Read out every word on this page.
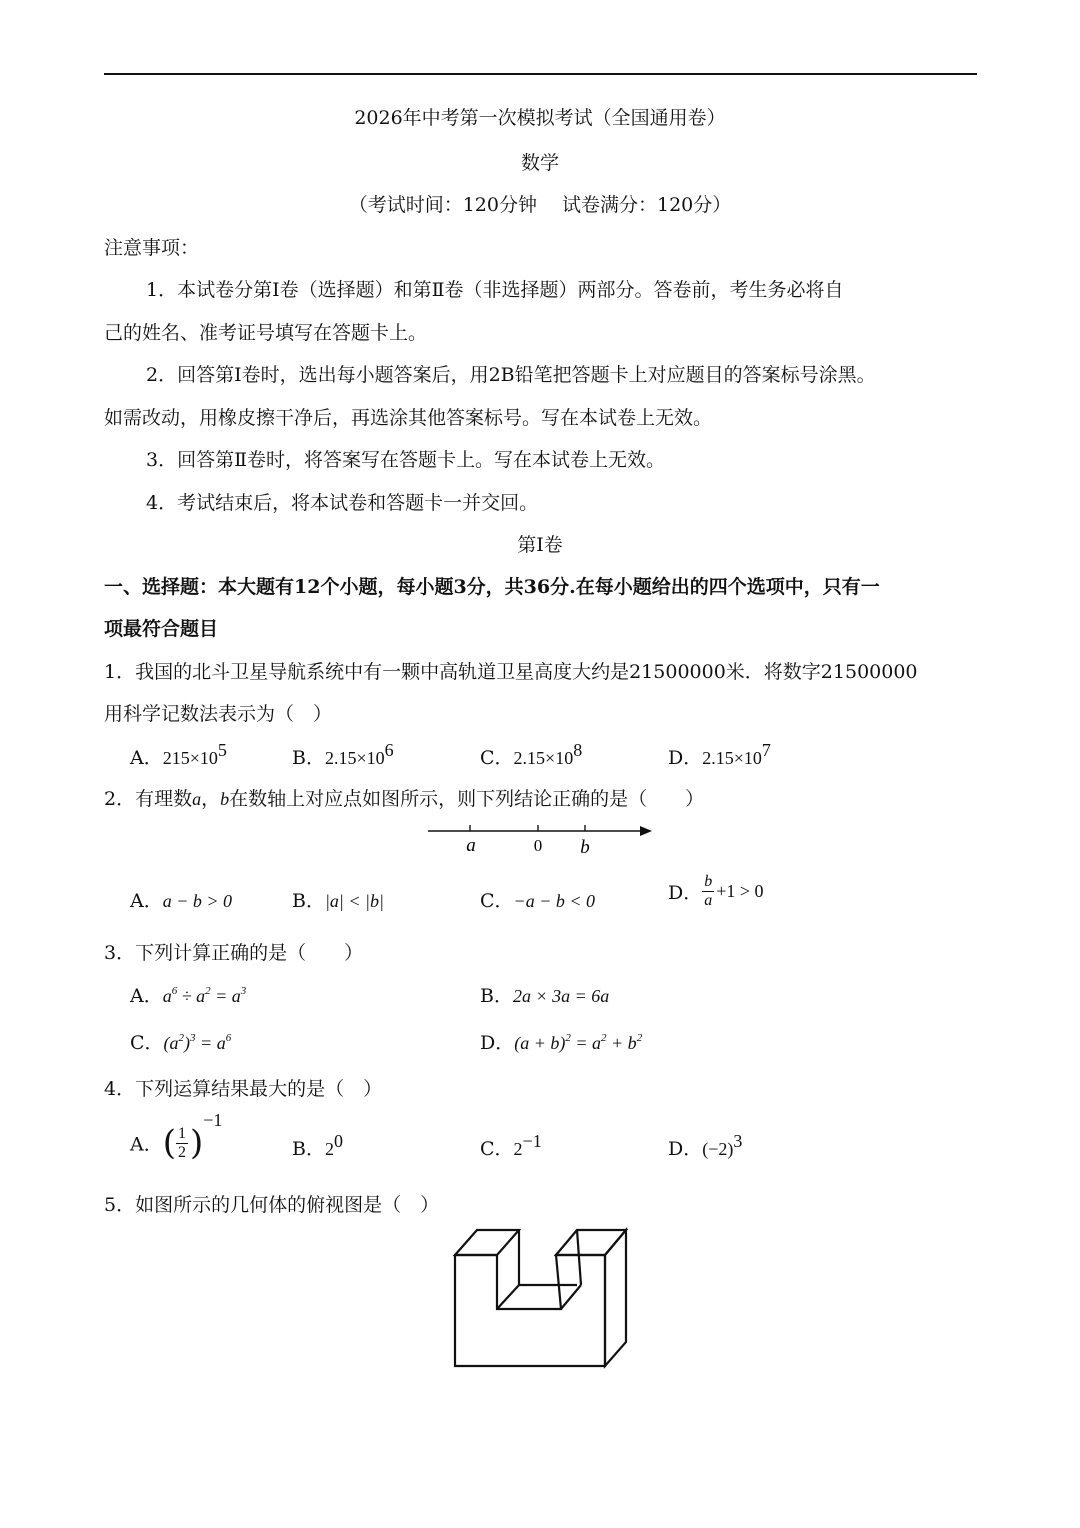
2026年中考第一次模拟考试（全国通用卷）
数学
（考试时间：120分钟　 试卷满分：120分）
注意事项：
1．本试卷分第Ⅰ卷（选择题）和第Ⅱ卷（非选择题）两部分。答卷前，考生务必将自
己的姓名、准考证号填写在答题卡上。
2．回答第Ⅰ卷时，选出每小题答案后，用2B铅笔把答题卡上对应题目的答案标号涂黑。
如需改动，用橡皮擦干净后，再选涂其他答案标号。写在本试卷上无效。
3．回答第Ⅱ卷时，将答案写在答题卡上。写在本试卷上无效。
4．考试结束后，将本试卷和答题卡一并交回。
第Ⅰ卷
一、选择题：本大题有12个小题，每小题3分，共36分.在每小题给出的四个选项中，只有一
项最符合题目
1．我国的北斗卫星导航系统中有一颗中高轨道卫星高度大约是21500000米．将数字21500000
用科学记数法表示为（　）
A．$215\times 10^5$	B．$2.15\times 10^6$	C．$2.15\times 10^8$	D．$2.15\times 10^7$
2．有理数a，b在数轴上对应点如图所示，则下列结论正确的是（　　）
a	0 b
A．a − b > 0	B．|a| < |b|	C．−a − b < 0	D． $\frac{b}{a} +1 > 0$
3．下列计算正确的是（　　）
A．$a^6 \div a^2 = a^3$	B．2a × 3a = 6a
C．$(a^2)^3 = a^6$	D．$(a + b)^2 = a^2 + b^2$
4．下列运算结果最大的是（　）
A．( $\frac{1}{2} )^{-1}$
B．$2^0$	C．$2^{-1}$	D．$(-2)^3$
5．如图所示的几何体的俯视图是（　）
